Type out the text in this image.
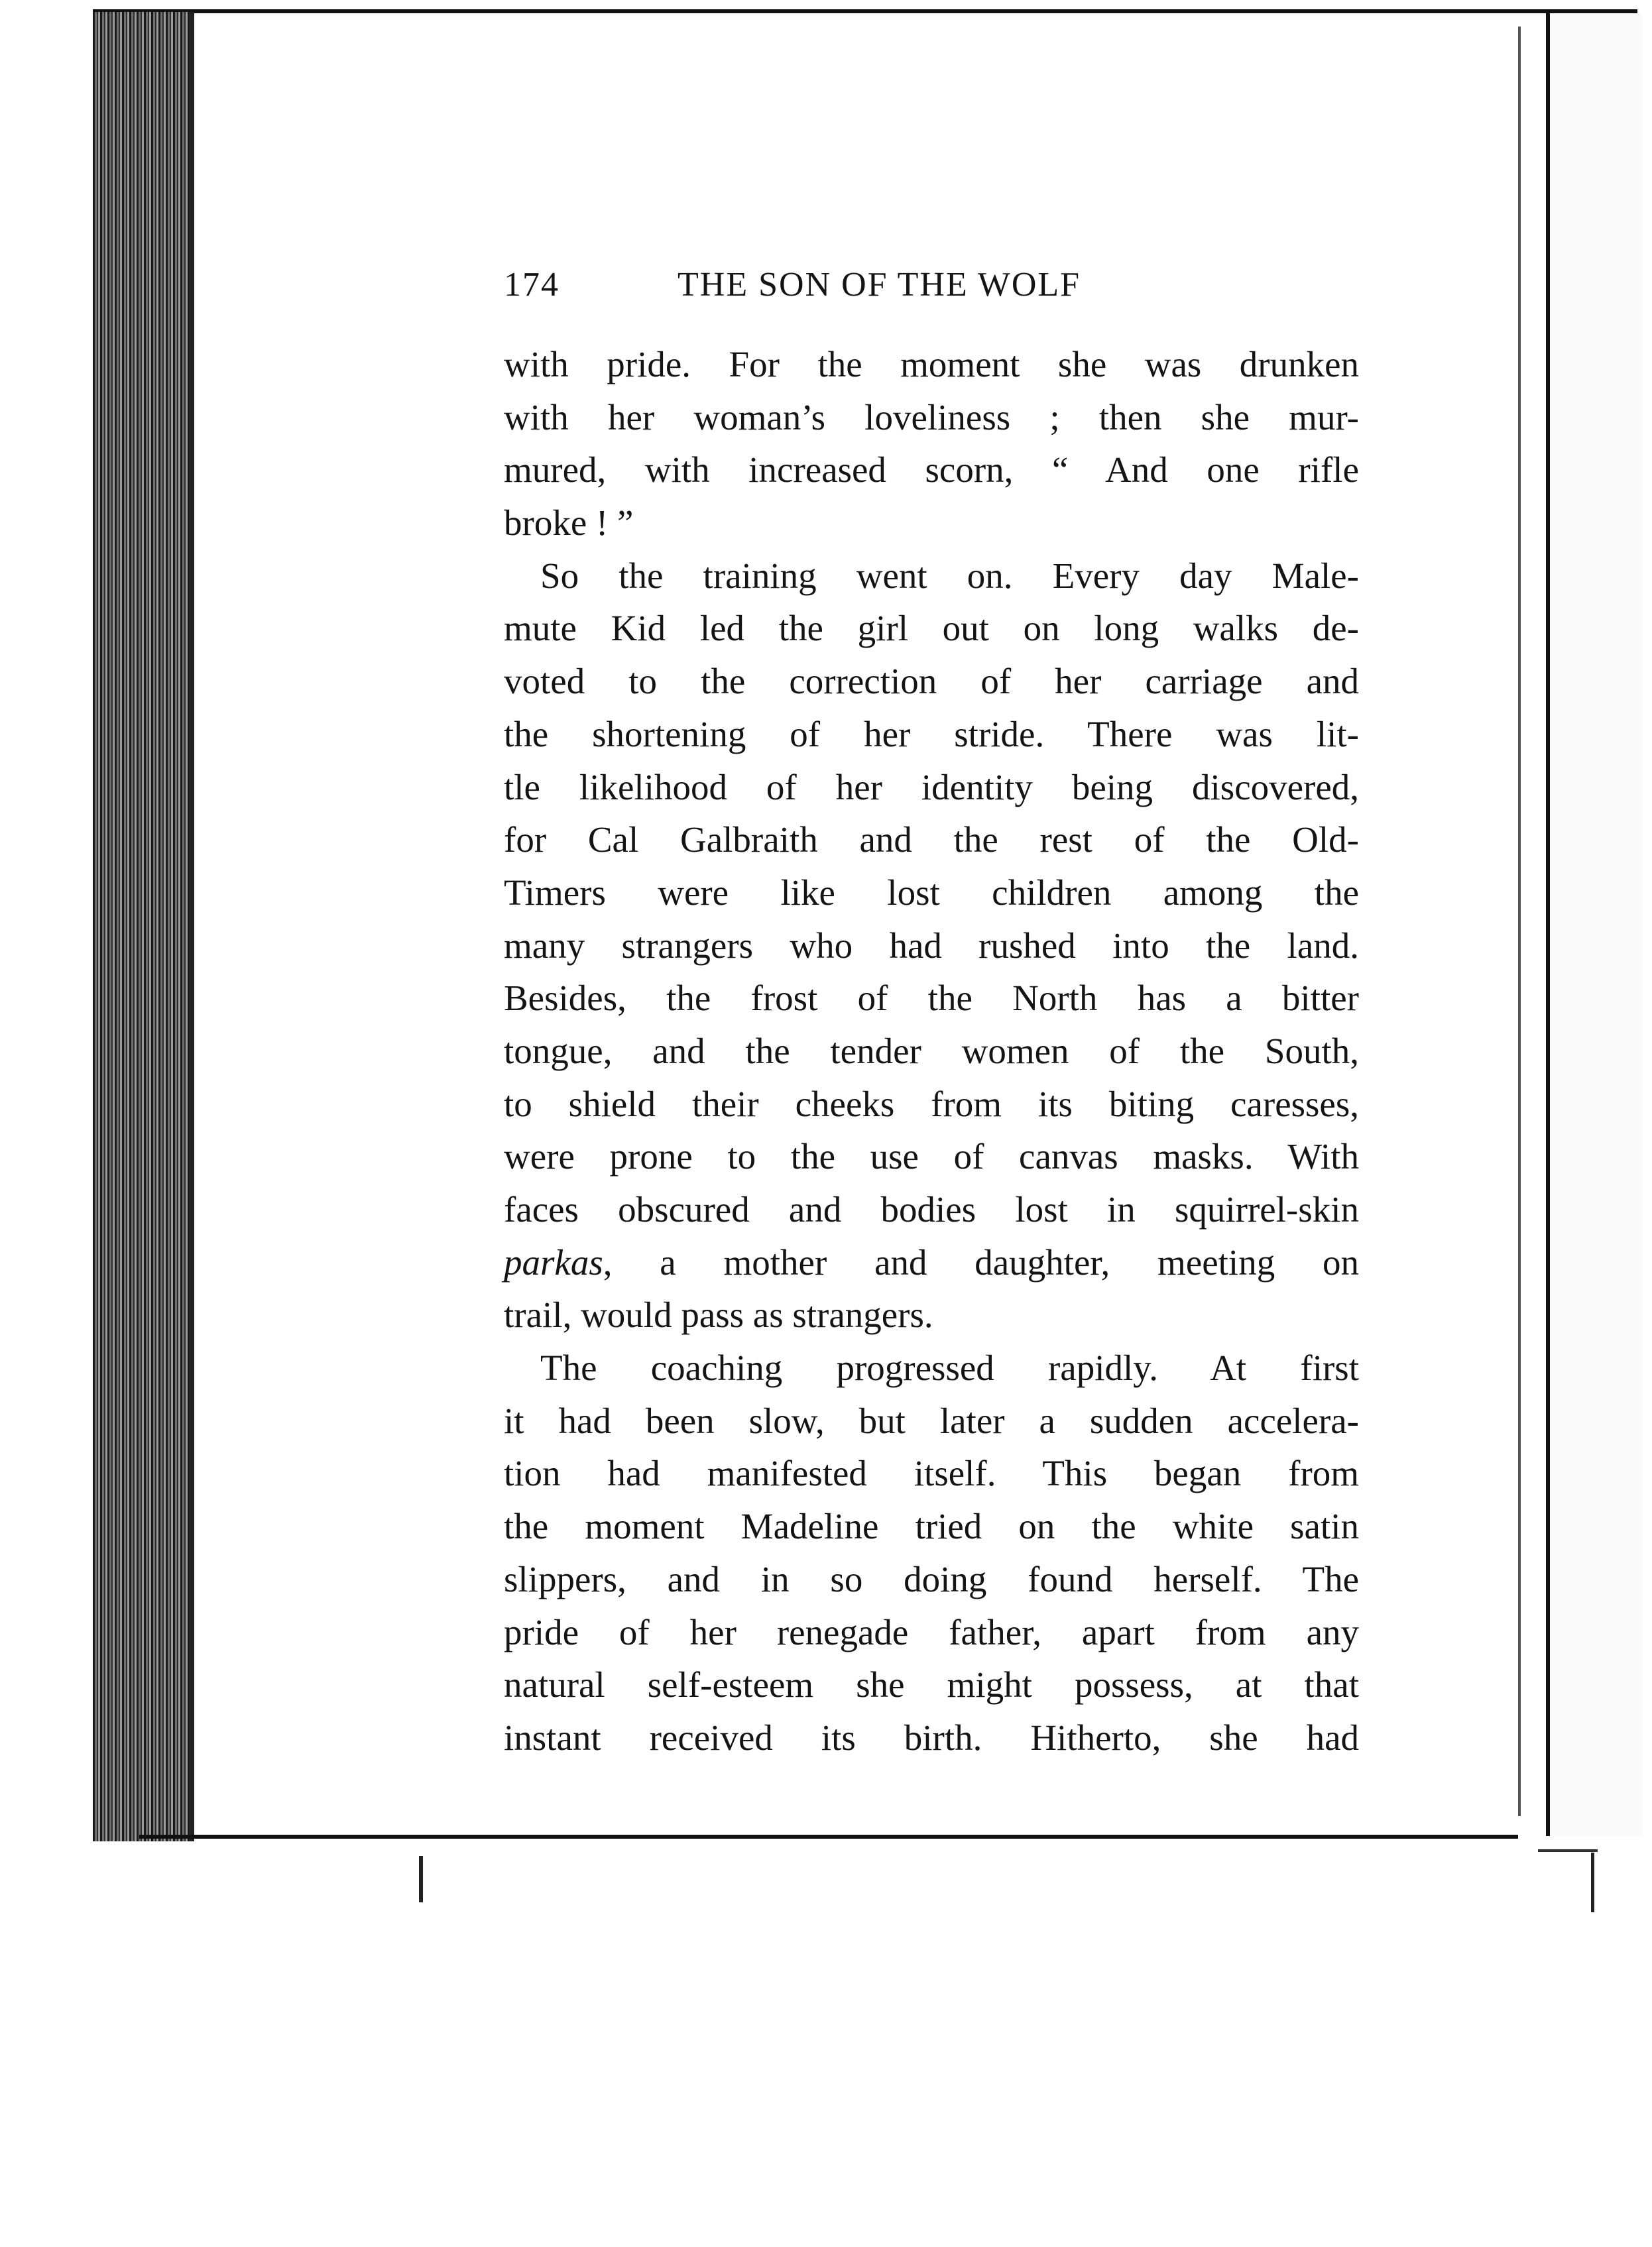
174	THE SON OF THE WOLF
with pride. For the moment she was drunken
with her woman’s loveliness ; then she mur-
mured, with increased scorn, “ And one rifle
broke ! ”
So the training went on. Every day Male-
mute Kid led the girl out on long walks de-
voted to the correction of her carriage and
the shortening of her stride. There was lit-
tle likelihood of her identity being discovered,
for Cal Galbraith and the rest of the Old-
Timers were like lost children among the
many strangers who had rushed into the land.
Besides, the frost of the North has a bitter
tongue, and the tender women of the South,
to shield their cheeks from its biting caresses,
were prone to the use of canvas masks. With
faces obscured and bodies lost in squirrel-skin
parkas, a mother and daughter, meeting on
trail, would pass as strangers.
The coaching progressed rapidly. At first
it had been slow, but later a sudden accelera-
tion had manifested itself. This began from
the moment Madeline tried on the white satin
slippers, and in so doing found herself. The
pride of her renegade father, apart from any
natural self-esteem she might possess, at that
instant received its birth. Hitherto, she had
